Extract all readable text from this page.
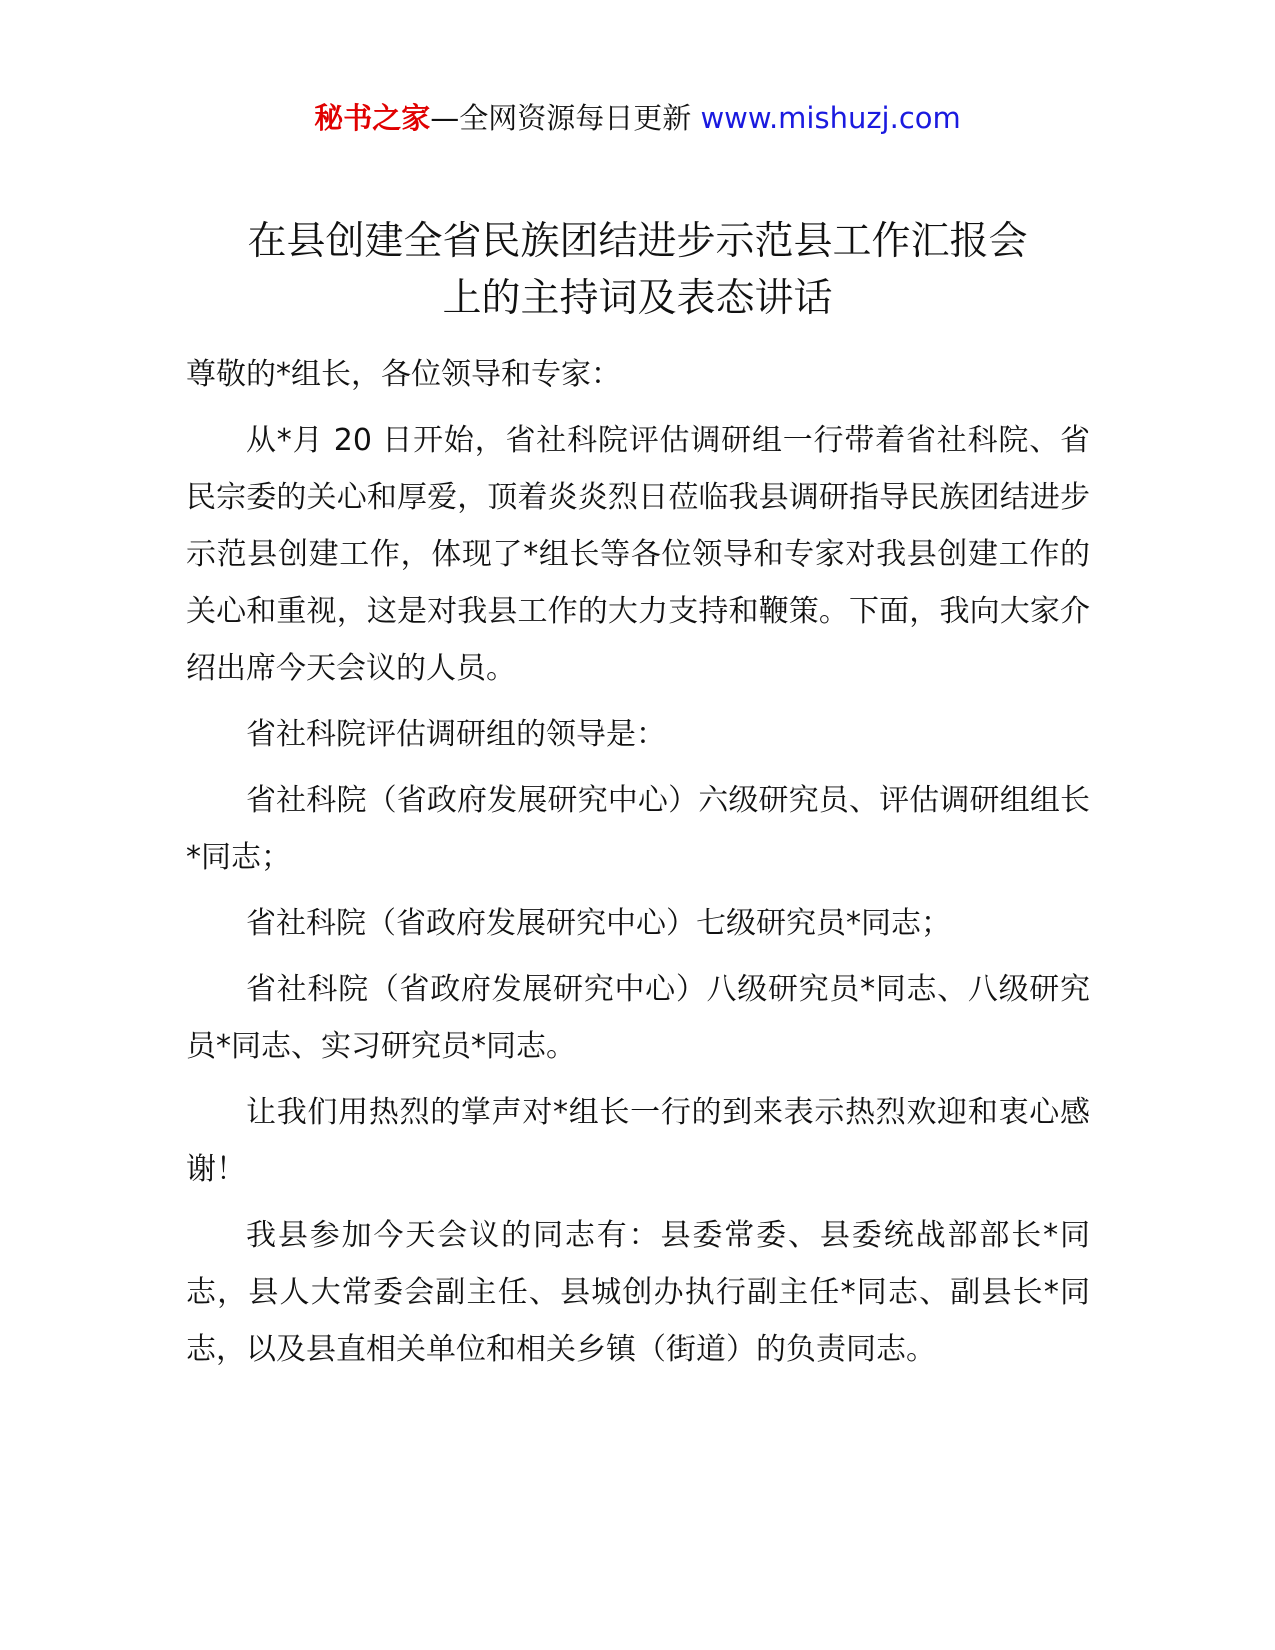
秘书之家—全网资源每日更新 www.mishuzj.com
在县创建全省民族团结进步示范县工作汇报会
上的主持词及表态讲话

尊敬的*组长，各位领导和专家：

从*月 20 日开始，省社科院评估调研组一行带着省社科院、省民宗委的关心和厚爱，顶着炎炎烈日莅临我县调研指导民族团结进步示范县创建工作，体现了*组长等各位领导和专家对我县创建工作的关心和重视，这是对我县工作的大力支持和鞭策。下面，我向大家介绍出席今天会议的人员。

省社科院评估调研组的领导是：

省社科院（省政府发展研究中心）六级研究员、评估调研组组长*同志；

省社科院（省政府发展研究中心）七级研究员*同志；

省社科院（省政府发展研究中心）八级研究员*同志、八级研究员*同志、实习研究员*同志。

让我们用热烈的掌声对*组长一行的到来表示热烈欢迎和衷心感谢！

我县参加今天会议的同志有：县委常委、县委统战部部长*同志，县人大常委会副主任、县城创办执行副主任*同志、副县长*同志，以及县直相关单位和相关乡镇（街道）的负责同志。
